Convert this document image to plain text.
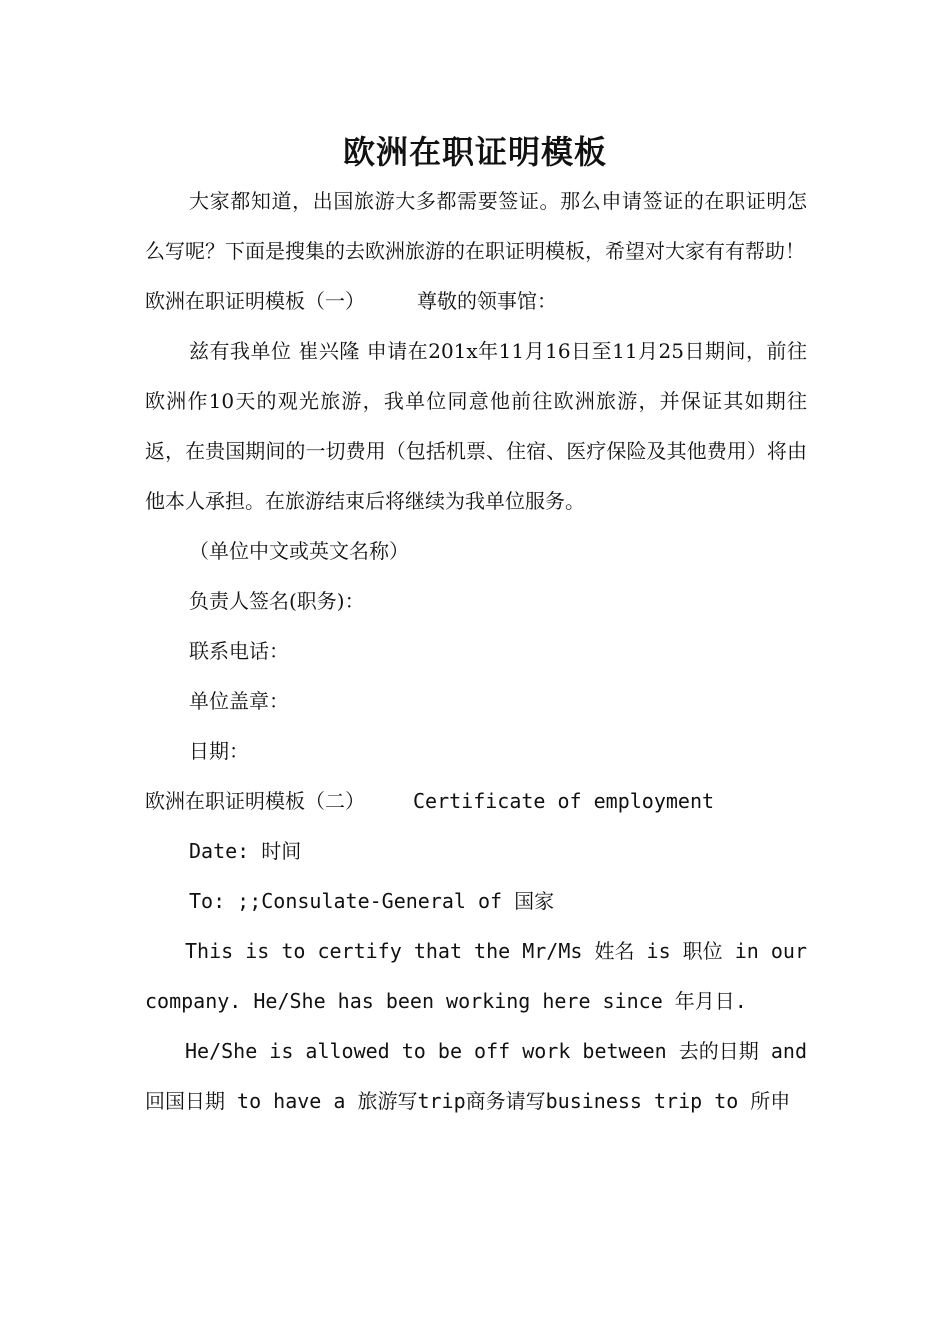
欧洲在职证明模板

大家都知道，出国旅游大多都需要签证。那么申请签证的在职证明怎么写呢？下面是搜集的去欧洲旅游的在职证明模板，希望对大家有有帮助！

欧洲在职证明模板（一）	尊敬的领事馆：

兹有我单位 崔兴隆 申请在201x年11月16日至11月25日期间，前往欧洲作10天的观光旅游，我单位同意他前往欧洲旅游，并保证其如期往返，在贵国期间的一切费用（包括机票、住宿、医疗保险及其他费用）将由他本人承担。在旅游结束后将继续为我单位服务。

（单位中文或英文名称）

负责人签名(职务)：

联系电话：

单位盖章：

日期：

欧洲在职证明模板（二） Certificate of employment

Date: 时间

To: ;;Consulate-General of 国家

This is to certify that the Mr/Ms 姓名 is 职位 in our company. He/She has been working here since 年月日.

He/She is allowed to be off work between 去的日期 and 回国日期 to have a 旅游写trip商务请写business trip to 所申
